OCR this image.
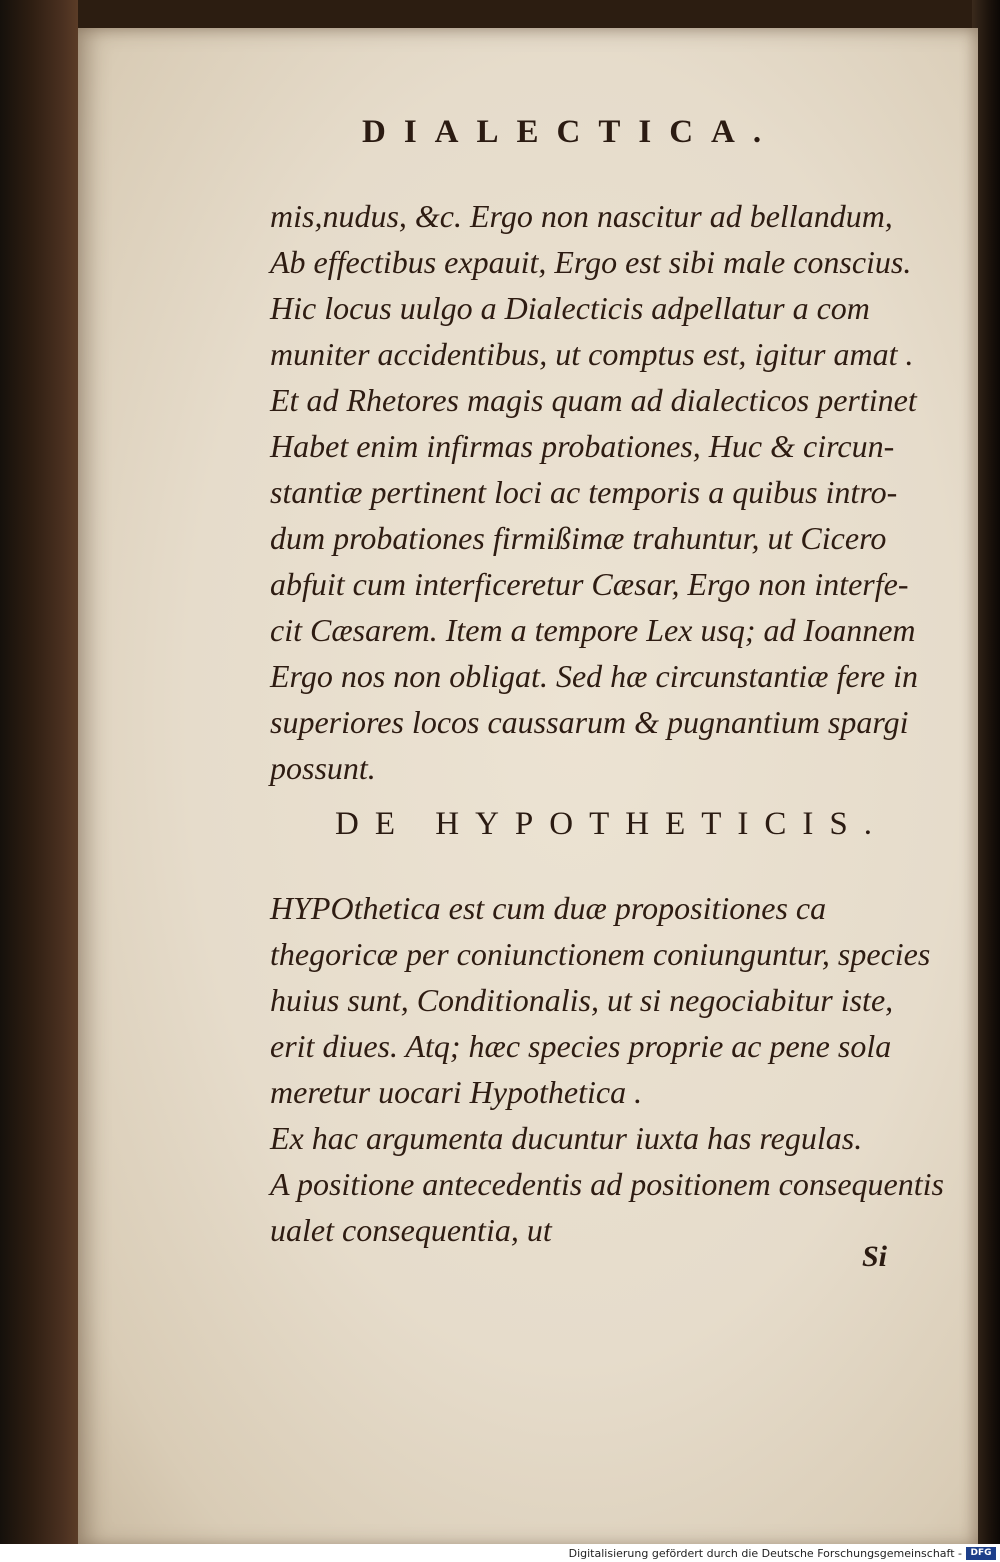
DIALECTICA.
mis,nudus, &c. Ergo non nascitur ad bellandum,
Ab effectibus expauit, Ergo est sibi male conscius.
Hic locus uulgo a Dialecticis adpellatur a com
muniter accidentibus, ut comptus est, igitur amat .
Et ad Rhetores magis quam ad dialecticos pertinet
Habet enim infirmas probationes, Huc & circun-
stantiæ pertinent loci ac temporis a quibus intro-
dum probationes firmißimæ trahuntur, ut Cicero
abfuit cum interficeretur Cæsar, Ergo non interfe-
cit Cæsarem. Item a tempore Lex usq; ad Ioannem
Ergo nos non obligat. Sed hæ circunstantiæ fere in
superiores locos caussarum & pugnantium spargi
possunt.
DE HYPOTHETICIS.
HYPOthetica est cum duæ propositiones ca
thegoricæ per coniunctionem coniunguntur, species
huius sunt, Conditionalis, ut si negociabitur iste,
erit diues. Atq; hæc species proprie ac pene sola
meretur uocari Hypothetica .
Ex hac argumenta ducuntur iuxta has regulas.
A positione antecedentis ad positionem consequentis
ualet consequentia, ut
Si
Digitalisierung gefördert durch die Deutsche Forschungsgemeinschaft - DFG
